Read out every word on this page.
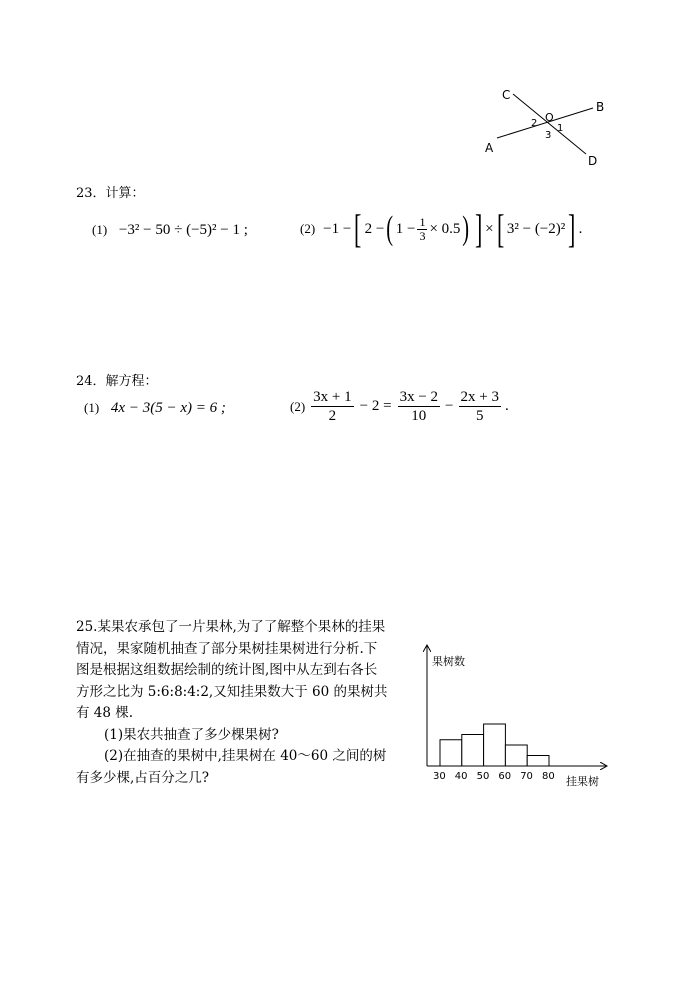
A
B
C
D
O
1
2
3
23．计算：
(1) −3² − 50 ÷ (−5)² − 1 ;	(2) −1 − [ 2 − ( $1 - \frac{1}{3} \times 0.5$ ) ] × [ 3² − (−2)² ] .
24．解方程：
(1) 4x − 3(5 − x) = 6 ;	$(2) \frac{3x + 1}{2} - 2 = \frac{3x - 2}{10} - \frac{2x + 3}{5}$ .
25.某果农承包了一片果林,为了了解整个果林的挂果
情况，果家随机抽查了部分果树挂果树进行分析.下
图是根据这组数据绘制的统计图,图中从左到右各长
方形之比为 5:6:8:4:2,又知挂果数大于 60 的果树共
有 48 棵.
(1)果农共抽查了多少棵果树?
(2)在抽查的果树中,挂果树在 40～60 之间的树
有多少棵,占百分之几?
果树数
挂果树
30 40 50 60 70 80
